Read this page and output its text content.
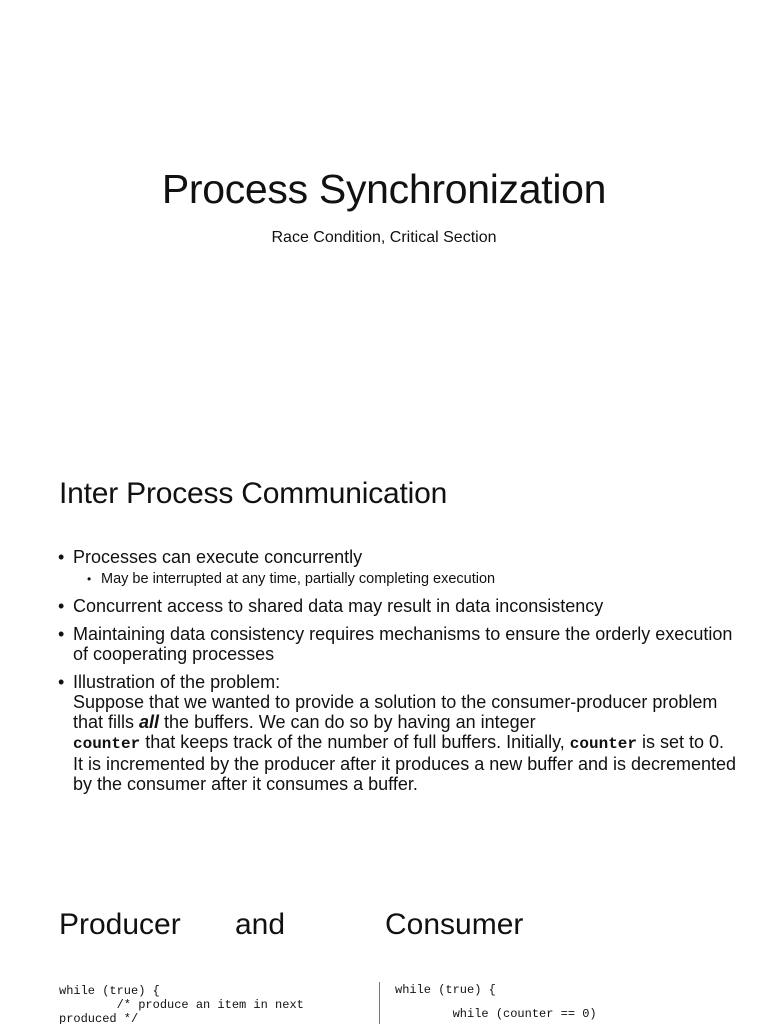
Process Synchronization

Race Condition, Critical Section

Inter Process Communication
• Processes can execute concurrently
• May be interrupted at any time, partially completing execution
• Concurrent access to shared data may result in data inconsistency
• Maintaining data consistency requires mechanisms to ensure the orderly execution of cooperating processes
• Illustration of the problem:
Suppose that we wanted to provide a solution to the consumer-producer problem that fills all the buffers. We can do so by having an integer
counter that keeps track of the number of full buffers. Initially, counter is set to 0. It is incremented by the producer after it produces a new buffer and is decremented by the consumer after it consumes a buffer.
Producer and	Consumer
while (true) {
/* produce an item in next
produced */
while (true) {

while (counter == 0)
